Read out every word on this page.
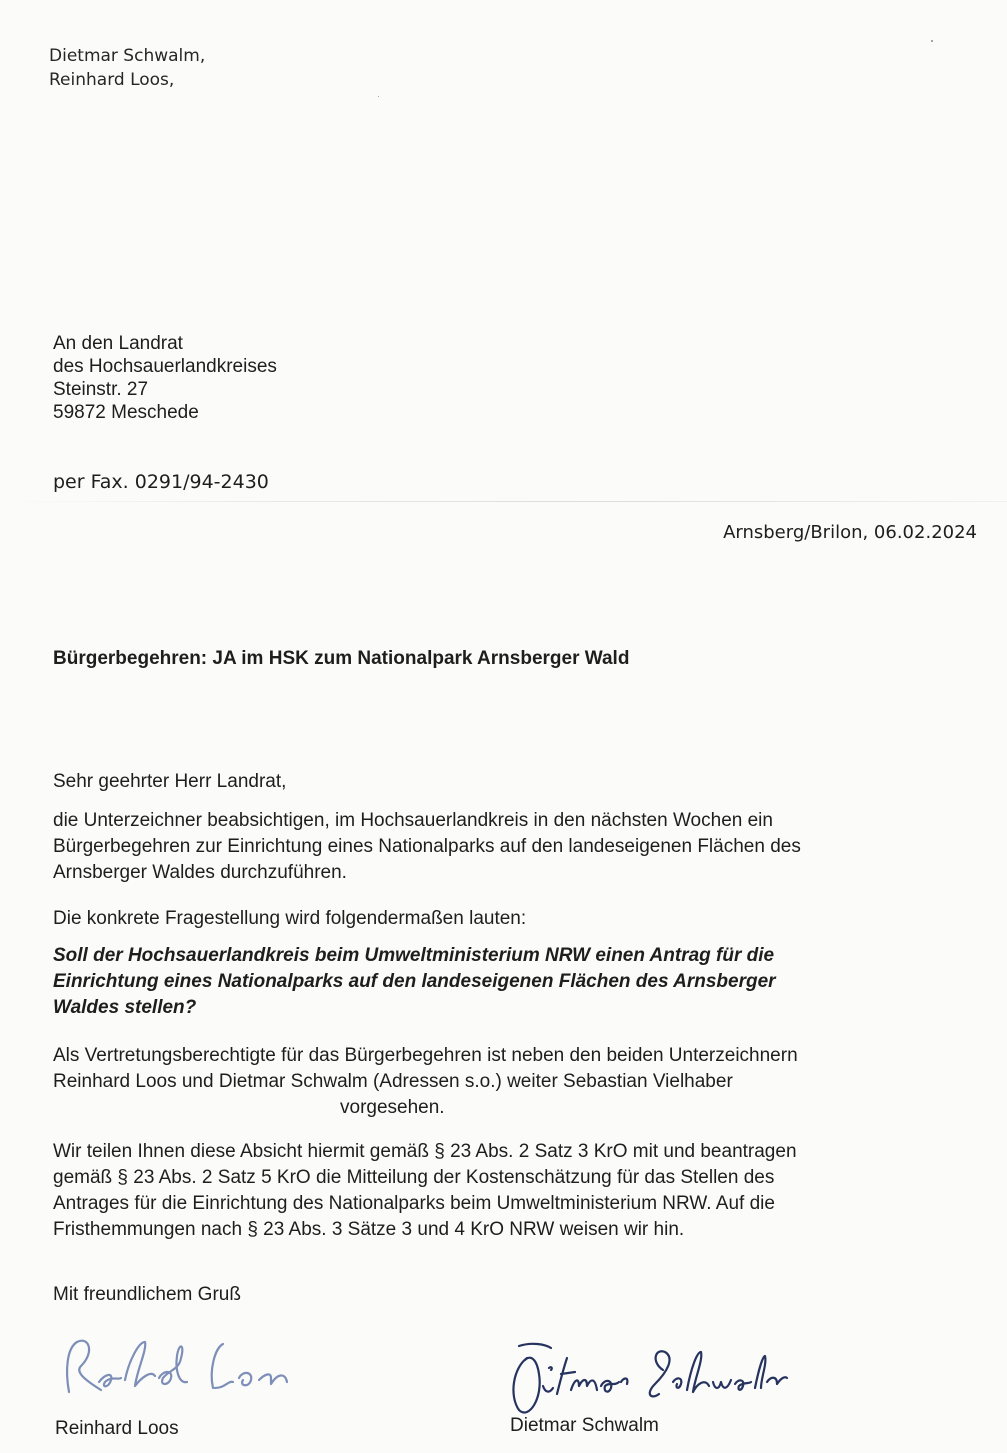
Dietmar Schwalm,
Reinhard Loos,
An den Landrat
des Hochsauerlandkreises
Steinstr. 27
59872 Meschede
per Fax. 0291/94-2430
Arnsberg/Brilon, 06.02.2024
Bürgerbegehren: JA im HSK zum Nationalpark Arnsberger Wald
Sehr geehrter Herr Landrat,
die Unterzeichner beabsichtigen, im Hochsauerlandkreis in den nächsten Wochen ein
Bürgerbegehren zur Einrichtung eines Nationalparks auf den landeseigenen Flächen des
Arnsberger Waldes durchzuführen.
Die konkrete Fragestellung wird folgendermaßen lauten:
Soll der Hochsauerlandkreis beim Umweltministerium NRW einen Antrag für die
Einrichtung eines Nationalparks auf den landeseigenen Flächen des Arnsberger
Waldes stellen?
Als Vertretungsberechtigte für das Bürgerbegehren ist neben den beiden Unterzeichnern
Reinhard Loos und Dietmar Schwalm (Adressen s.o.) weiter Sebastian Vielhaber
vorgesehen.
Wir teilen Ihnen diese Absicht hiermit gemäß § 23 Abs. 2 Satz 3 KrO mit und beantragen
gemäß § 23 Abs. 2 Satz 5 KrO die Mitteilung der Kostenschätzung für das Stellen des
Antrages für die Einrichtung des Nationalparks beim Umweltministerium NRW. Auf die
Fristhemmungen nach § 23 Abs. 3 Sätze 3 und 4 KrO NRW weisen wir hin.
Mit freundlichem Gruß
Reinhard Loos	Dietmar Schwalm
